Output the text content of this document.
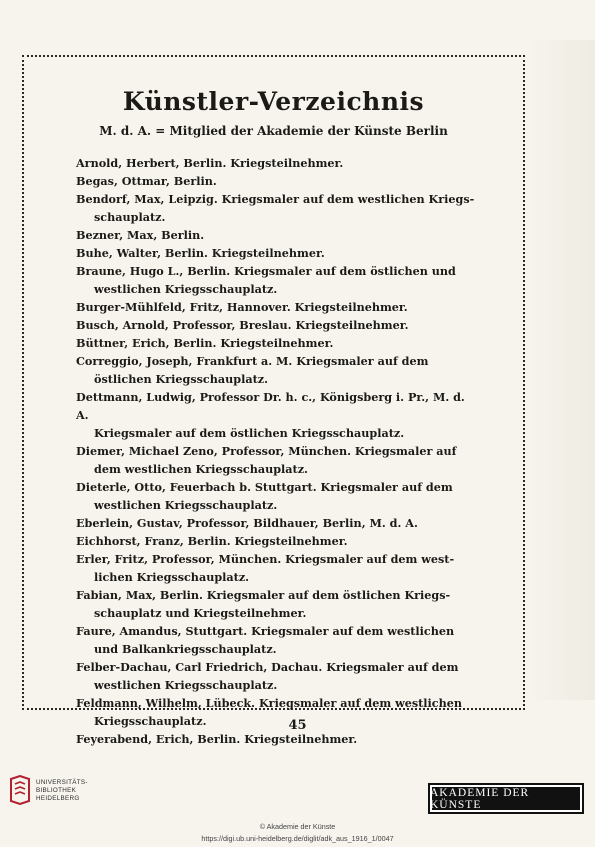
Künstler-Verzeichnis

M. d. A. = Mitglied der Akademie der Künste Berlin

Arnold, Herbert, Berlin. Kriegsteilnehmer.
Begas, Ottmar, Berlin.
Bendorf, Max, Leipzig. Kriegsmaler auf dem westlichen Kriegs-
schauplatz.
Bezner, Max, Berlin.
Buhe, Walter, Berlin. Kriegsteilnehmer.
Braune, Hugo L., Berlin. Kriegsmaler auf dem östlichen und
westlichen Kriegsschauplatz.
Burger-Mühlfeld, Fritz, Hannover. Kriegsteilnehmer.
Busch, Arnold, Professor, Breslau. Kriegsteilnehmer.
Büttner, Erich, Berlin. Kriegsteilnehmer.
Correggio, Joseph, Frankfurt a. M. Kriegsmaler auf dem
östlichen Kriegsschauplatz.
Dettmann, Ludwig, Professor Dr. h. c., Königsberg i. Pr., M. d. A.
Kriegsmaler auf dem östlichen Kriegsschauplatz.
Diemer, Michael Zeno, Professor, München. Kriegsmaler auf
dem westlichen Kriegsschauplatz.
Dieterle, Otto, Feuerbach b. Stuttgart. Kriegsmaler auf dem
westlichen Kriegsschauplatz.
Eberlein, Gustav, Professor, Bildhauer, Berlin, M. d. A.
Eichhorst, Franz, Berlin. Kriegsteilnehmer.
Erler, Fritz, Professor, München. Kriegsmaler auf dem west-
lichen Kriegsschauplatz.
Fabian, Max, Berlin. Kriegsmaler auf dem östlichen Kriegs-
schauplatz und Kriegsteilnehmer.
Faure, Amandus, Stuttgart. Kriegsmaler auf dem westlichen
und Balkankriegsschauplatz.
Felber-Dachau, Carl Friedrich, Dachau. Kriegsmaler auf dem
westlichen Kriegsschauplatz.
Feldmann, Wilhelm, Lübeck. Kriegsmaler auf dem westlichen
Kriegsschauplatz.
Feyerabend, Erich, Berlin. Kriegsteilnehmer.
45
UNIVERSITÄTS- BIBLIOTHEK HEIDELBERG	AKADEMIE DER KÜNSTE
© Akademie der Künste
https://digi.ub.uni-heidelberg.de/diglit/adk_aus_1916_1/0047
